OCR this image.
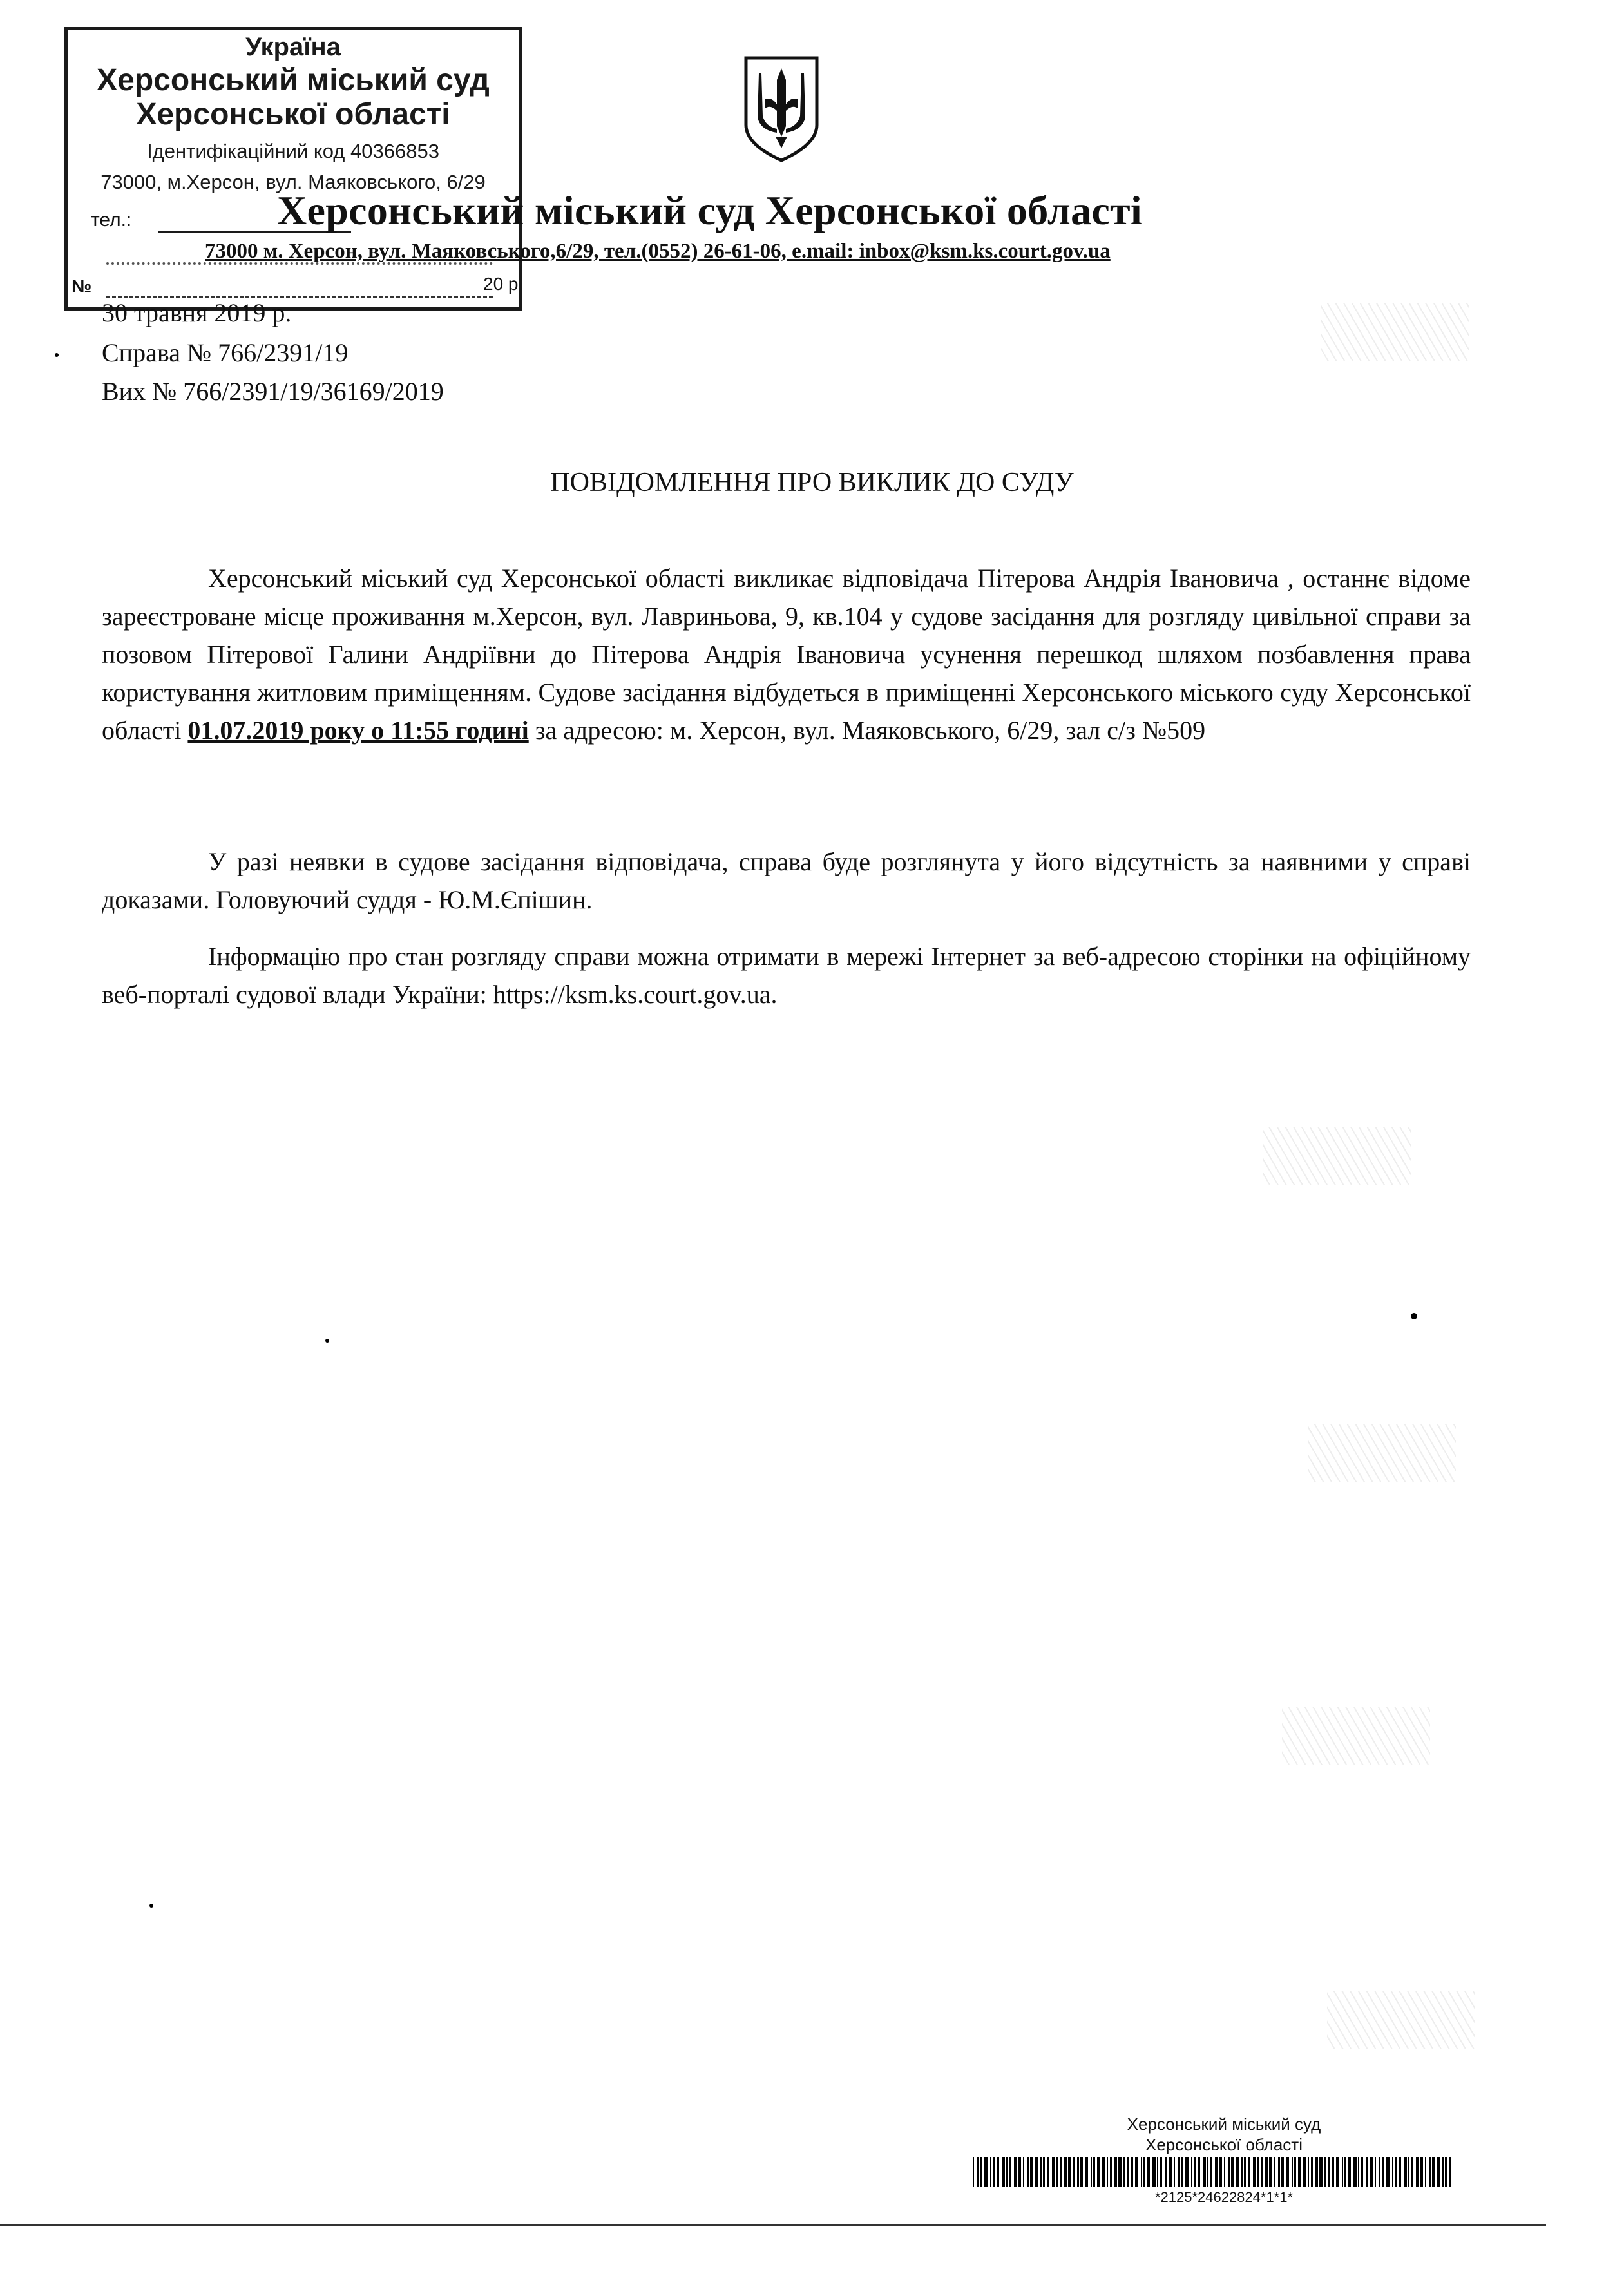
Україна
Херсонський міський суд
Херсонської області
Ідентифікаційний код 40366853
73000, м.Херсон, вул. Маяковського, 6/29
тел.:
№	20 р
Херсонський міський суд Херсонської області
73000 м. Херсон, вул. Маяковського,6/29, тел.(0552) 26-61-06, e.mail: inbox@ksm.ks.court.gov.ua
30 травня 2019 р.
Справа № 766/2391/19
Вих № 766/2391/19/36169/2019
ПОВІДОМЛЕННЯ ПРО ВИКЛИК ДО СУДУ

Херсонський міський суд Херсонської області викликає відповідача Пітерова Андрія Івановича , останнє відоме зареєстроване місце проживання м.Херсон, вул. Лавриньова, 9, кв.104 у судове засідання для розгляду цивільної справи за позовом Пітерової Галини Андріївни до Пітерова Андрія Івановича усунення перешкод шляхом позбавлення права користування житловим приміщенням. Судове засідання відбудеться в приміщенні Херсонського міського суду Херсонської області 01.07.2019 року о 11:55 годині за адресою: м. Херсон, вул. Маяковського, 6/29, зал с/з №509

У разі неявки в судове засідання відповідача, справа буде розглянута у його відсутність за наявними у справі доказами. Головуючий суддя - Ю.М.Єпішин.

Інформацію про стан розгляду справи можна отримати в мережі Інтернет за веб-адресою сторінки на офіційному веб-порталі судової влади України: https://ksm.ks.court.gov.ua.

Херсонський міський суд
Херсонської області
*2125*24622824*1*1*
